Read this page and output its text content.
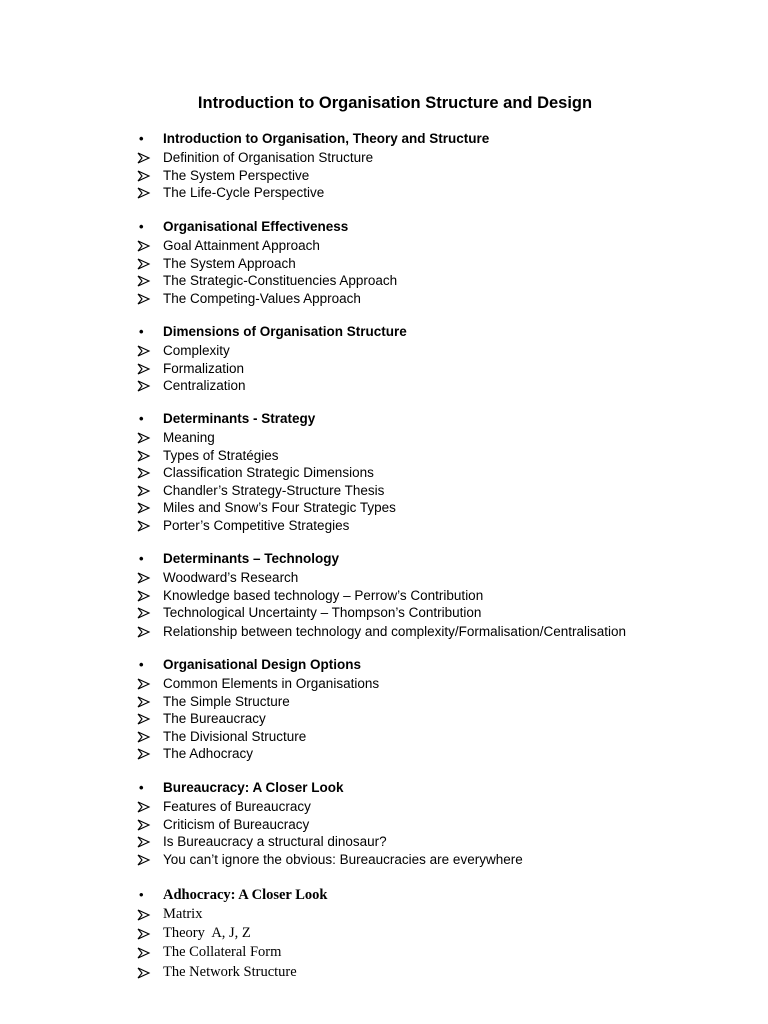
Introduction to Organisation Structure and Design
• Introduction to Organisation, Theory and Structure
Definition of Organisation Structure
The System Perspective
The Life-Cycle Perspective
• Organisational Effectiveness
Goal Attainment Approach
The System Approach
The Strategic-Constituencies Approach
The Competing-Values Approach
• Dimensions of Organisation Structure
Complexity
Formalization
Centralization
• Determinants - Strategy
Meaning
Types of Stratégies
Classification Strategic Dimensions
Chandler’s Strategy-Structure Thesis
Miles and Snow’s Four Strategic Types
Porter’s Competitive Strategies
• Determinants – Technology
Woodward’s Research
Knowledge based technology – Perrow’s Contribution
Technological Uncertainty – Thompson’s Contribution
Relationship between technology and complexity/Formalisation/Centralisation
• Organisational Design Options
Common Elements in Organisations
The Simple Structure
The Bureaucracy
The Divisional Structure
The Adhocracy
• Bureaucracy: A Closer Look
Features of Bureaucracy
Criticism of Bureaucracy
Is Bureaucracy a structural dinosaur?
You can’t ignore the obvious: Bureaucracies are everywhere
• Adhocracy: A Closer Look
Matrix
Theory  A, J, Z
The Collateral Form
The Network Structure
